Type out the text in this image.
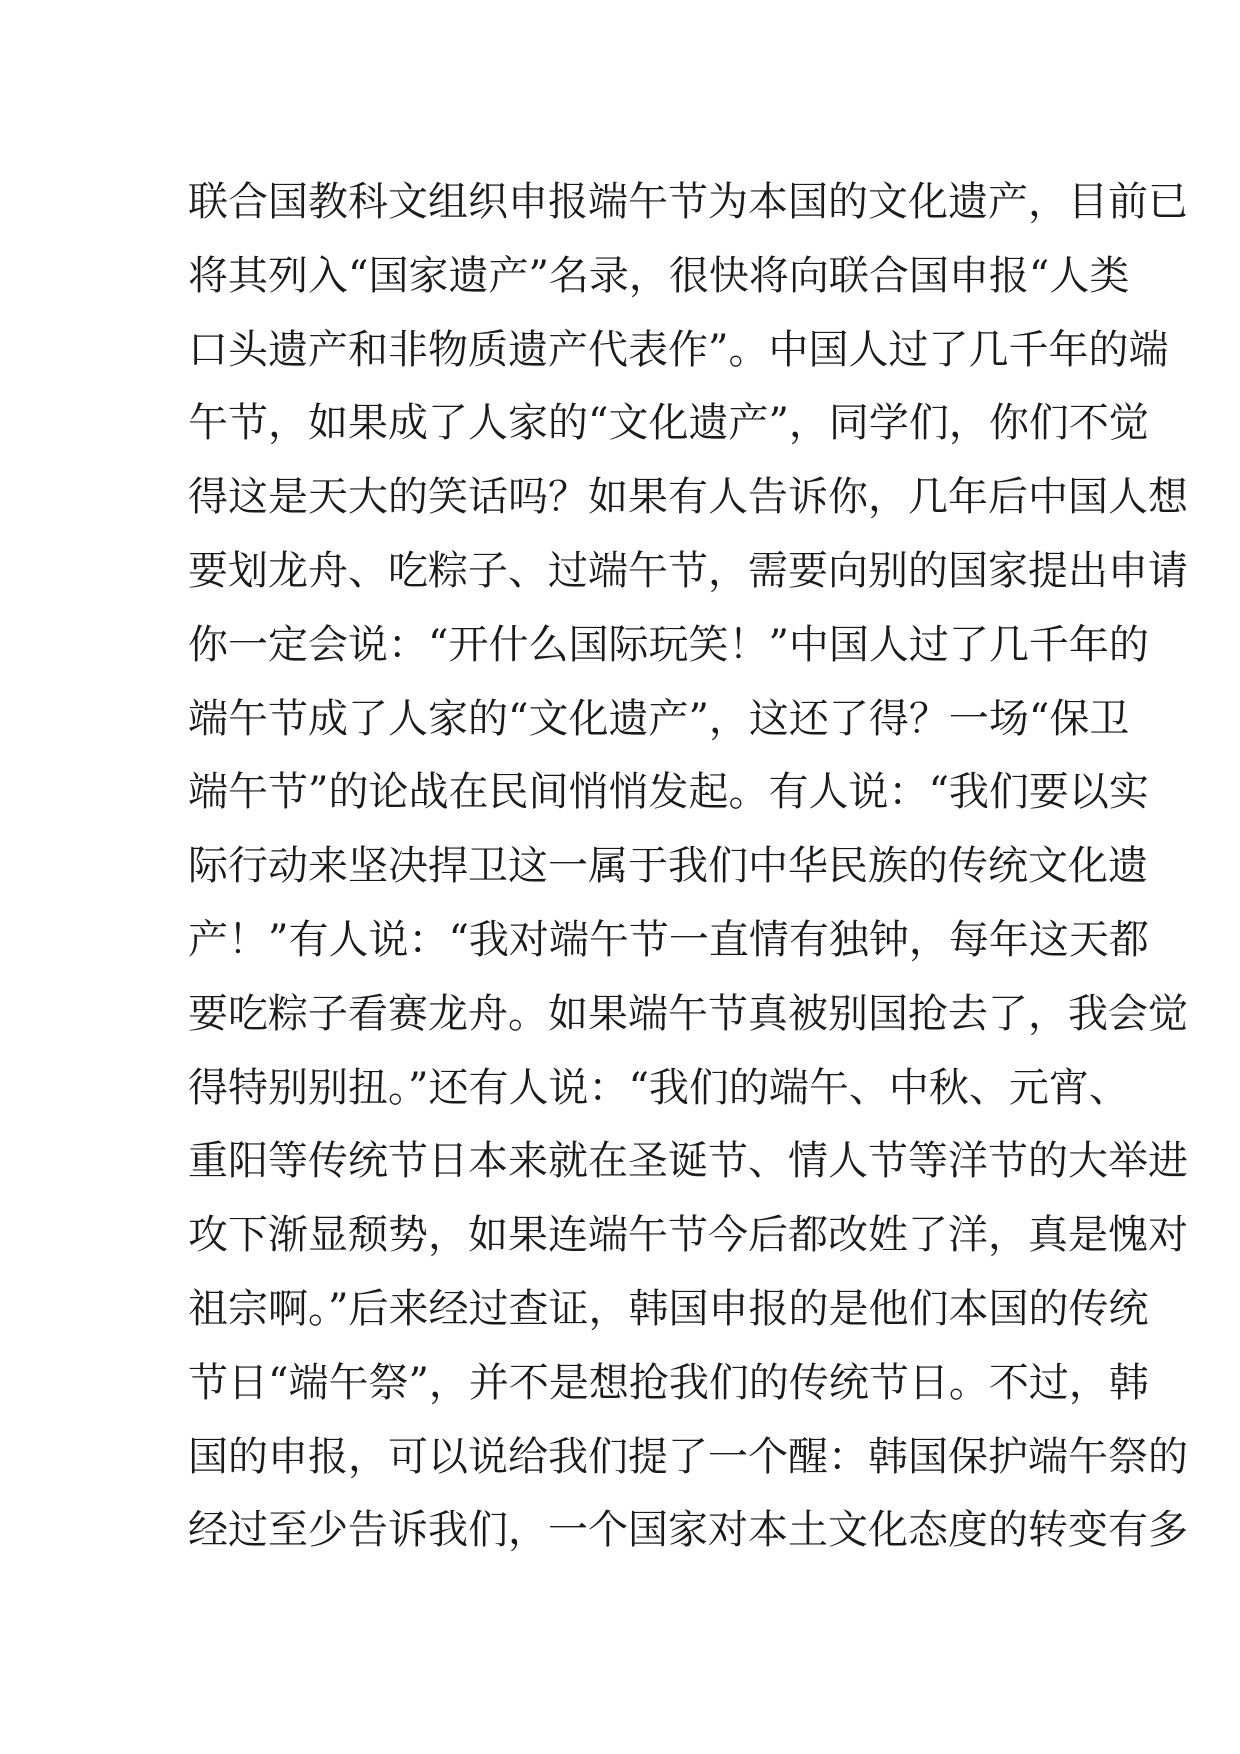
联合国教科文组织申报端午节为本国的文化遗产，目前已
将其列入“国家遗产”名录，很快将向联合国申报“人类
口头遗产和非物质遗产代表作”。中国人过了几千年的端
午节，如果成了人家的“文化遗产”，同学们，你们不觉
得这是天大的笑话吗？如果有人告诉你，几年后中国人想
要划龙舟、吃粽子、过端午节，需要向别的国家提出申请
你一定会说：“开什么国际玩笑！”中国人过了几千年的
端午节成了人家的“文化遗产”，这还了得？一场“保卫
端午节”的论战在民间悄悄发起。有人说：“我们要以实
际行动来坚决捍卫这一属于我们中华民族的传统文化遗
产！”有人说：“我对端午节一直情有独钟，每年这天都
要吃粽子看赛龙舟。如果端午节真被别国抢去了，我会觉
得特别别扭。”还有人说：“我们的端午、中秋、元宵、
重阳等传统节日本来就在圣诞节、情人节等洋节的大举进
攻下渐显颓势，如果连端午节今后都改姓了洋，真是愧对
祖宗啊。”后来经过查证，韩国申报的是他们本国的传统
节日“端午祭”，并不是想抢我们的传统节日。不过，韩
国的申报，可以说给我们提了一个醒：韩国保护端午祭的
经过至少告诉我们，一个国家对本土文化态度的转变有多
